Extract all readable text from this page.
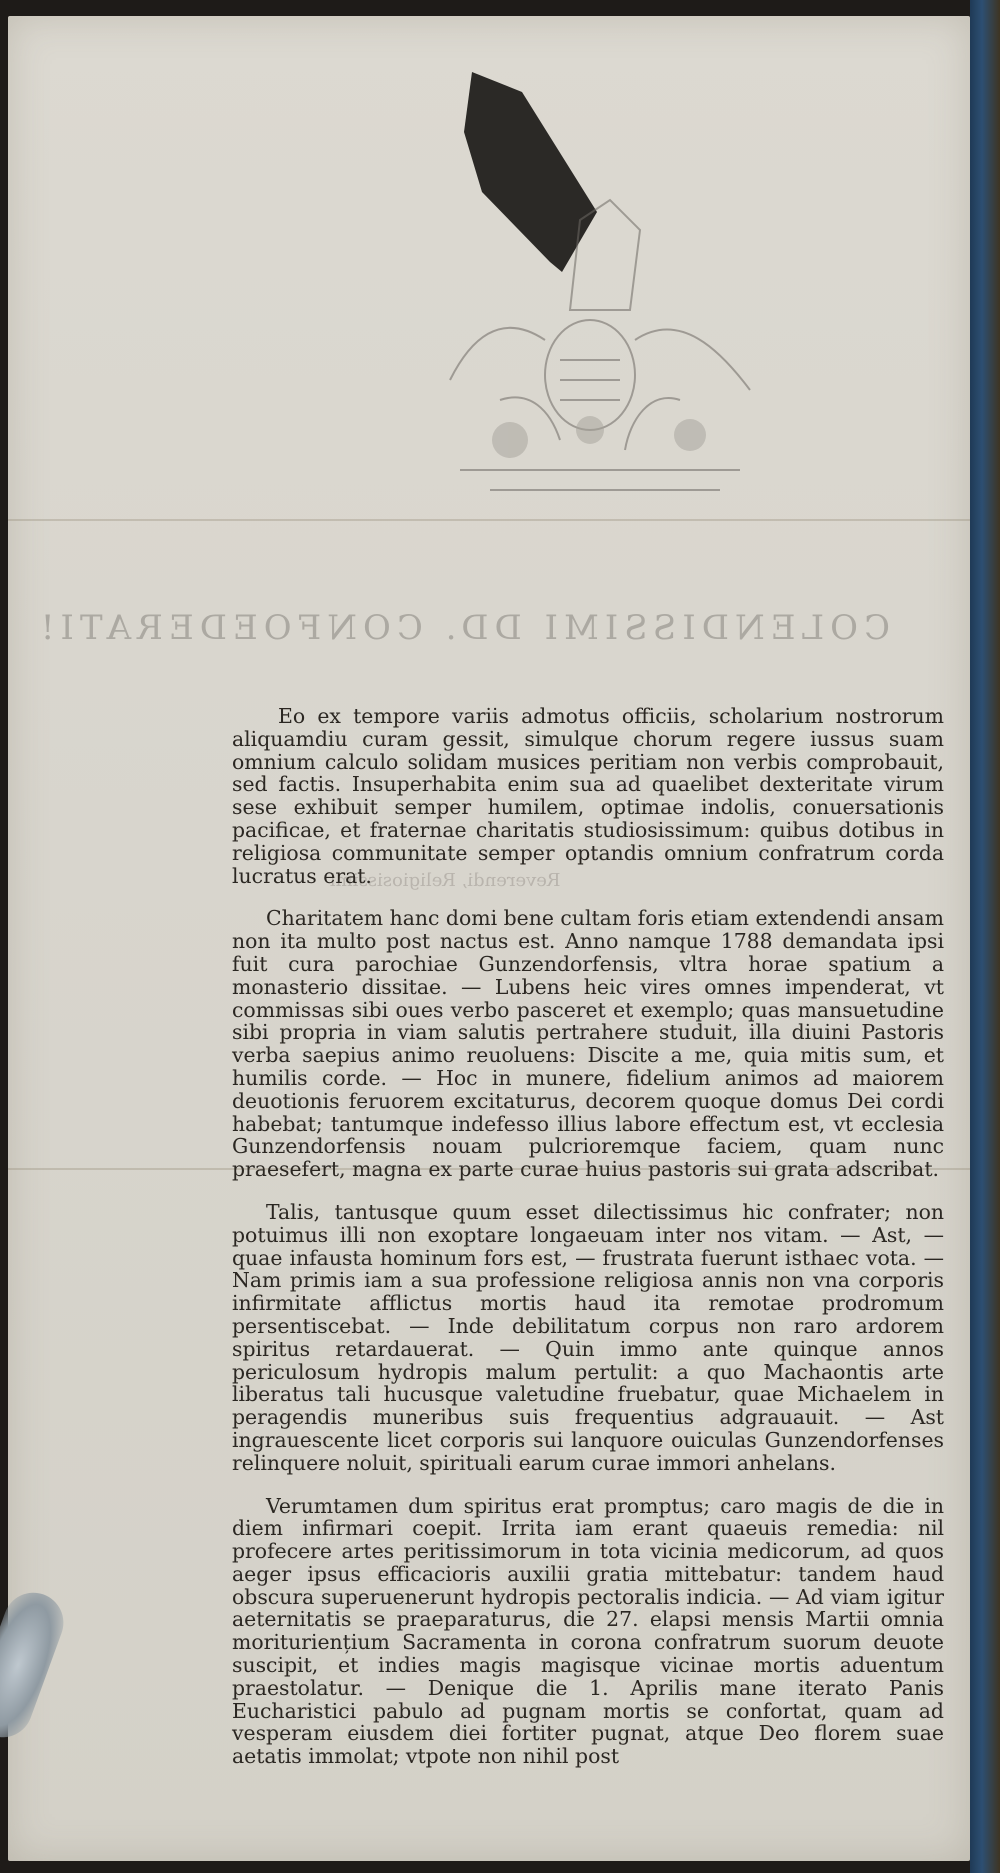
COLENDISSIMI DD. CONFOEDERATI!
Reverendi, Religiosissimi

Eo ex tempore variis admotus officiis, scholarium nostrorum aliquamdiu curam gessit, simulque chorum regere iussus suam omnium calculo solidam musices peritiam non verbis comprobauit, sed factis. Insuperhabita enim sua ad quaelibet dexteritate virum sese exhibuit semper humilem, optimae indolis, conuersationis pacificae, et fraternae charitatis studiosissimum: quibus dotibus in religiosa communitate semper optandis omnium confratrum corda lucratus erat.

Charitatem hanc domi bene cultam foris etiam extendendi ansam non ita multo post nactus est. Anno namque 1788 demandata ipsi fuit cura parochiae Gunzendorfensis, vltra horae spatium a monasterio dissitae. — Lubens heic vires omnes impenderat, vt commissas sibi oues verbo pasceret et exemplo; quas mansuetudine sibi propria in viam salutis pertrahere studuit, illa diuini Pastoris verba saepius animo reuoluens: Discite a me, quia mitis sum, et humilis corde. — Hoc in munere, fidelium animos ad maiorem deuotionis feruorem excitaturus, decorem quoque domus Dei cordi habebat; tantumque indefesso illius labore effectum est, vt ecclesia Gunzendorfensis nouam pulcrioremque faciem, quam nunc praesefert, magna ex parte curae huius pastoris sui grata adscribat.

Talis, tantusque quum esset dilectissimus hic confrater; non potuimus illi non exoptare longaeuam inter nos vitam. — Ast, — quae infausta hominum fors est, — frustrata fuerunt isthaec vota. — Nam primis iam a sua professione religiosa annis non vna corporis infirmitate afflictus mortis haud ita remotae prodromum persentiscebat. — Inde debilitatum corpus non raro ardorem spiritus retardauerat. — Quin immo ante quinque annos periculosum hydropis malum pertulit: a quo Machaontis arte liberatus tali hucusque valetudine fruebatur, quae Michaelem in peragendis muneribus suis frequentius adgrauauit. — Ast ingrauescente licet corporis sui lanquore ouiculas Gunzendorfenses relinquere noluit, spirituali earum curae immori anhelans.

Verumtamen dum spiritus erat promptus; caro magis de die in diem infirmari coepit. Irrita iam erant quaeuis remedia: nil profecere artes peritissimorum in tota vicinia medicorum, ad quos aeger ipsus efficacioris auxilii gratia mittebatur: tandem haud obscura superuenerunt hydropis pectoralis indicia. — Ad viam igitur aeternitatis se praeparaturus, die 27. elapsi mensis Martii omnia morituriențium Sacramenta in corona confratrum suorum deuote suscipit, et indies magis magisque vicinae mortis aduentum praestolatur. — Denique die 1. Aprilis mane iterato Panis Eucharistici pabulo ad pugnam mortis se confortat, quam ad vesperam eiusdem diei fortiter pugnat, atque Deo florem suae aetatis immolat; vtpote non nihil post
